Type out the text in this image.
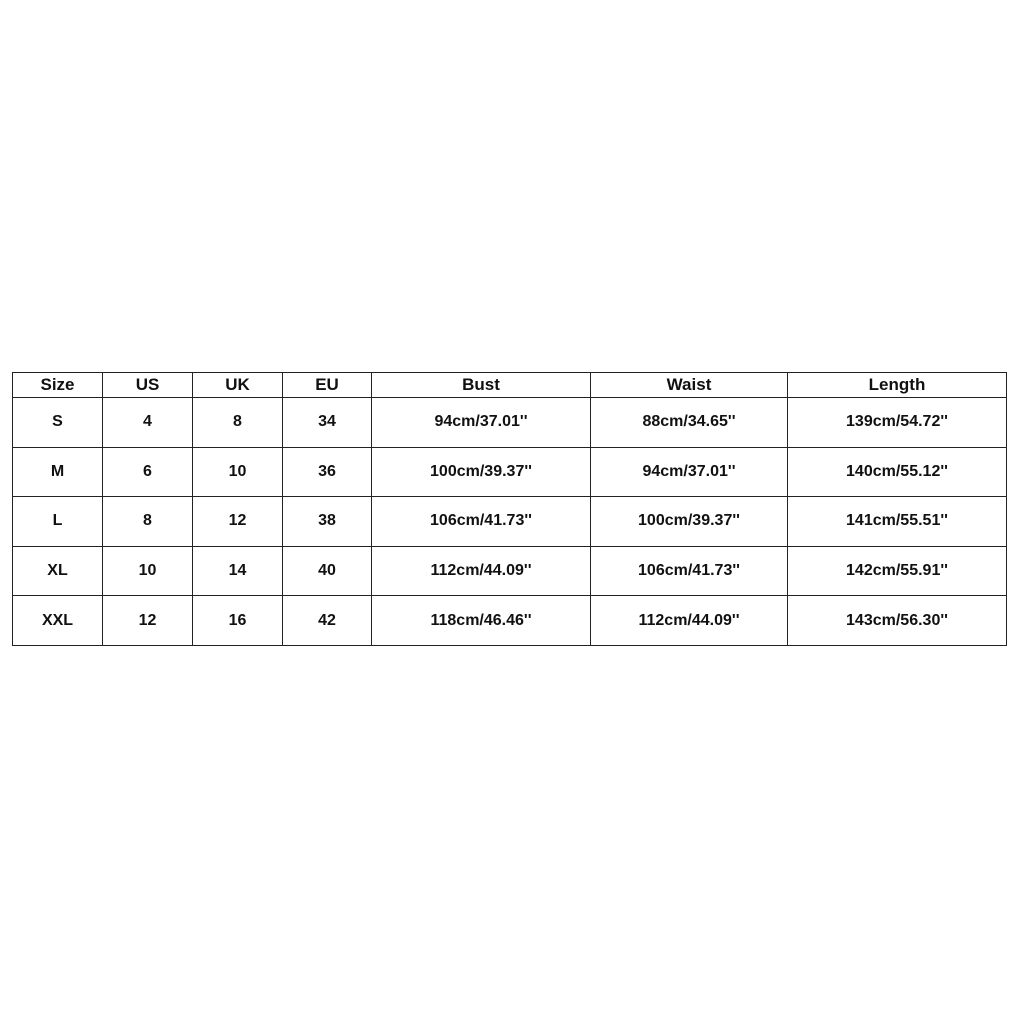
Size	US	UK	EU	Bust	Waist	Length
S	4	8	34	94cm/37.01''	88cm/34.65''	139cm/54.72''
M	6	10	36	100cm/39.37''	94cm/37.01''	140cm/55.12''
L	8	12	38	106cm/41.73''	100cm/39.37''	141cm/55.51''
XL	10	14	40	112cm/44.09''	106cm/41.73''	142cm/55.91''
XXL	12	16	42	118cm/46.46''	112cm/44.09''	143cm/56.30''
